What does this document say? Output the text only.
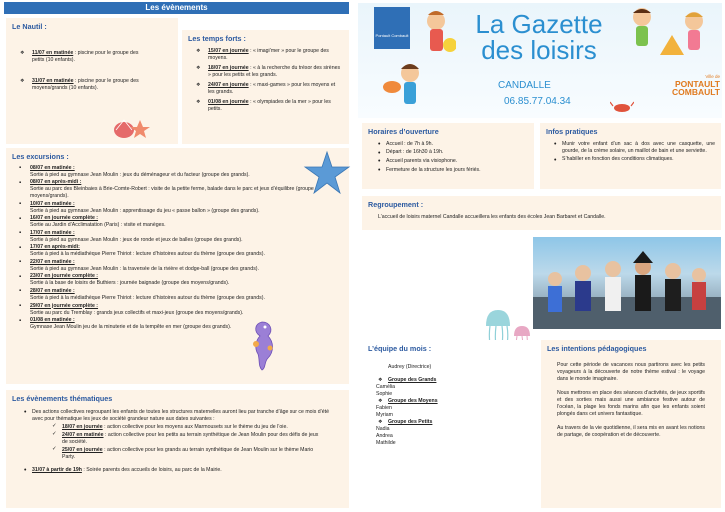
Les évènements
Le Nautil :
❖ 11/07 en matinée : piscine pour le groupe des petits (10 enfants).
❖ 31/07 en matinée : piscine pour le groupe des moyens/grands (10 enfants).
Les temps forts :
❖ 15/07 en journée : « imagi’mer » pour le groupe des moyens.
❖ 18/07 en journée : « à la recherche du trésor des sirènes » pour les petits et les grands.
❖ 24/07 en journée : « maxi-games » pour les moyens et les grands.
❖ 01/08 en journée : « olympiades de la mer » pour les petits.
Les excursions :
▪ 08/07 en matinée :
Sortie à pied au gymnase Jean Moulin : jeux du déménageur et du facteur (groupe des grands).
▪ 08/07 en après-midi :
Sortie au parc des Bleinbaies à Brie-Comte-Robert : visite de la petite ferme, balade dans le parc et jeux d’équilibre (groupe moyens/grands).
▪ 10/07 en matinée :
Sortie à pied au gymnase Jean Moulin : apprentissage du jeu « passe ballon » (groupe des grands).
▪ 16/07 en journée complète :
Sortie au Jardin d’Acclimatation (Paris) : visite et manèges.
▪ 17/07 en matinée :
Sortie à pied au gymnase Jean Moulin : jeux de ronde et jeux de balles (groupe des grands).
▪ 17/07 en après-midi:
Sortie à pied à la médiathèque Pierre Thiriot : lecture d’histoires autour du thème (groupe des grands).
▪ 22/07 en matinée :
Sortie à pied au gymnase Jean Moulin : la traversée de la rivière et dodge-ball (groupe des grands).
▪ 23/07 en journée complète :
Sortie à la base de loisirs de Buthiers : journée baignade (groupe des moyens/grands).
▪ 28/07 en matinée :
Sortie à pied à la médiathèque Pierre Thiriot : lecture d’histoires autour du thème (groupe des grands).
▪ 29/07 en journée complète :
Sortie au parc du Tremblay : grands jeux collectifs et maxi-jeux (groupe des moyens/grands).
▪ 01/08 en matinée :
Gymnase Jean Moulin jeu de la minuterie et de la tempête en mer (groupe des grands).
Les évènements thématiques
• Des actions collectives regroupant les enfants de toutes les structures maternelles auront lieu par tranche d’âge sur ce mois d’été avec pour thématique les jeux de société grandeur nature aux dates suivantes :
✓ 18/07 en journée : action collective pour les moyens aux Marmousets sur le thème du jeu de l’oie.
✓ 24/07 en matinée : action collective pour les petits au terrain synthétique de Jean Moulin pour des défis de jeux de société.
✓ 25/07 en journée : action collective pour les grands au terrain synthétique de Jean Moulin sur le thème Mario Party.
• 31/07 à partir de 19h : Soirée parents des accueils de loisirs, au parc de la Mairie.
Pontault Combault	La Gazette
des loisirs
CANDALLE
06.85.77.04.34
Ville de
PONTAULT
COMBAULT
Horaires d’ouverture
• Accueil : de 7h à 9h.
• Départ : de 16h30 à 19h.
• Accueil parents via visiophone.
• Fermeture de la structure les jours fériés.
Infos pratiques
• Munir votre enfant d’un sac à dos avec une casquette, une gourde, de la crème solaire, un maillot de bain et une serviette.
• S’habiller en fonction des conditions climatiques.
Regroupement :
L’accueil de loisirs maternel Candalle accueillera les enfants des écoles Jean Barbaret et Candalle.
L’équipe du mois :
Audrey (Directrice)
❖ Groupe des Grands
Camélia
Sophie
❖ Groupe des Moyens
Fabien
Myriam
❖ Groupe des Petits
Nadia
Andrea
Mathilde
Les intentions pédagogiques

Pour cette période de vacances nous partirons avec les petits voyageurs à la découverte de notre thème estival : le voyage dans le monde imaginaire.

Nous mettrons en place des séances d’activités, de jeux sportifs et des sorties mais aussi une ambiance festive autour de l’océan, la plage les fonds marins afin que les enfants soient plongés dans cet univers fantastique.

Au travers de la vie quotidienne, il sera mis en avant les notions de partage, de coopération et de découverte.
